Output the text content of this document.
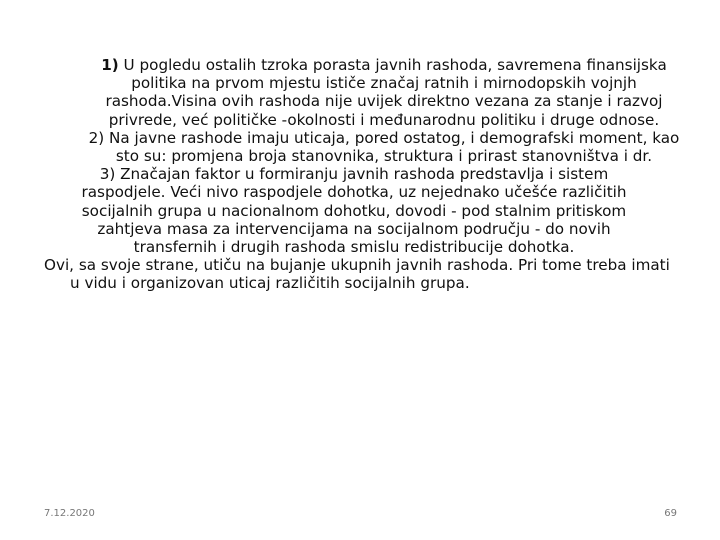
1) U pogledu ostalih tzroka porasta javnih rashoda, savremena finansijska politika na prvom mjestu ističe značaj ratnih i mirnodopskih vojnjh rashoda.Visina ovih rashoda nije uvijek direktno vezana za stanje i razvoj privrede, već političke -okolnosti i međunarodnu politiku i druge odnose.

2) Na javne rashode imaju uticaja, pored ostatog, i demografski moment, kao sto su: promjena broja stanovnika, struktura i prirast stanovništva i dr.

3) Značajan faktor u formiranju javnih rashoda predstavlja i sistem raspodjele. Veći nivo raspodjele dohotka, uz nejednako učešće različitih socijalnih grupa u nacionalnom dohotku, dovodi - pod stalnim pritiskom zahtjeva masa za intervencijama na socijalnom području - do novih transfernih i drugih rashoda smislu redistribucije dohotka.

Ovi, sa svoje strane, utiču na bujanje ukupnih javnih rashoda. Pri tome treba imati u vidu i organizovan uticaj različitih socijalnih grupa.

7.12.2020	69
